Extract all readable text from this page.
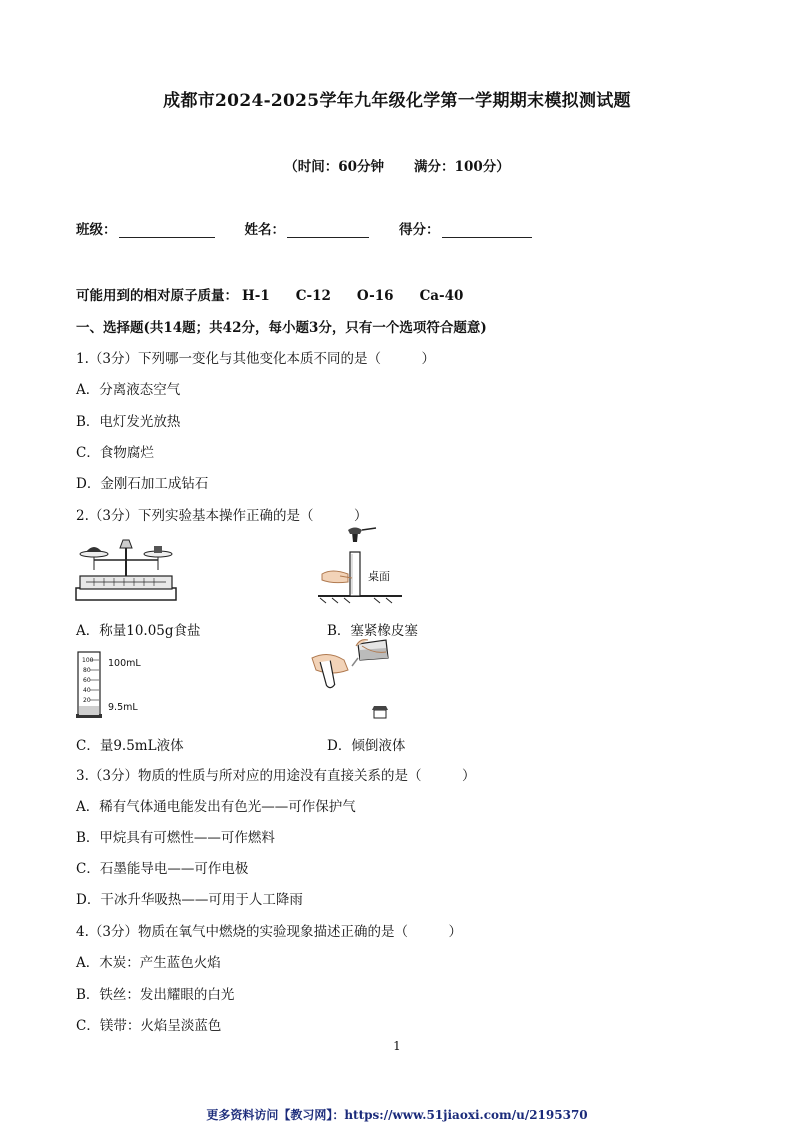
成都市2024-2025学年九年级化学第一学期期末模拟测试题
（时间：60分钟 满分：100分）
班级：	姓名：	得分：
可能用到的相对原子质量： H-1 C-12 O-16 Ca-40
一、选择题(共14题；共42分，每小题3分，只有一个选项符合题意)
1.（3分）下列哪一变化与其他变化本质不同的是（　　　）
A．分离液态空气
B．电灯发光放热
C．食物腐烂
D．金刚石加工成钻石
2.（3分）下列实验基本操作正确的是（　　　）
桌面
A．称量10.05g食盐	B．塞紧橡皮塞
100
80
60
40
20
100mL
9.5mL
C．量9.5mL液体	D．倾倒液体
3.（3分）物质的性质与所对应的用途没有直接关系的是（　　　）
A．稀有气体通电能发出有色光——可作保护气
B．甲烷具有可燃性——可作燃料
C．石墨能导电——可作电极
D．干冰升华吸热——可用于人工降雨
4.（3分）物质在氧气中燃烧的实验现象描述正确的是（　　　）
A．木炭：产生蓝色火焰
B．铁丝：发出耀眼的白光
C．镁带：火焰呈淡蓝色
1
更多资料访问【教习网】：https://www.51jiaoxi.com/u/2195370
